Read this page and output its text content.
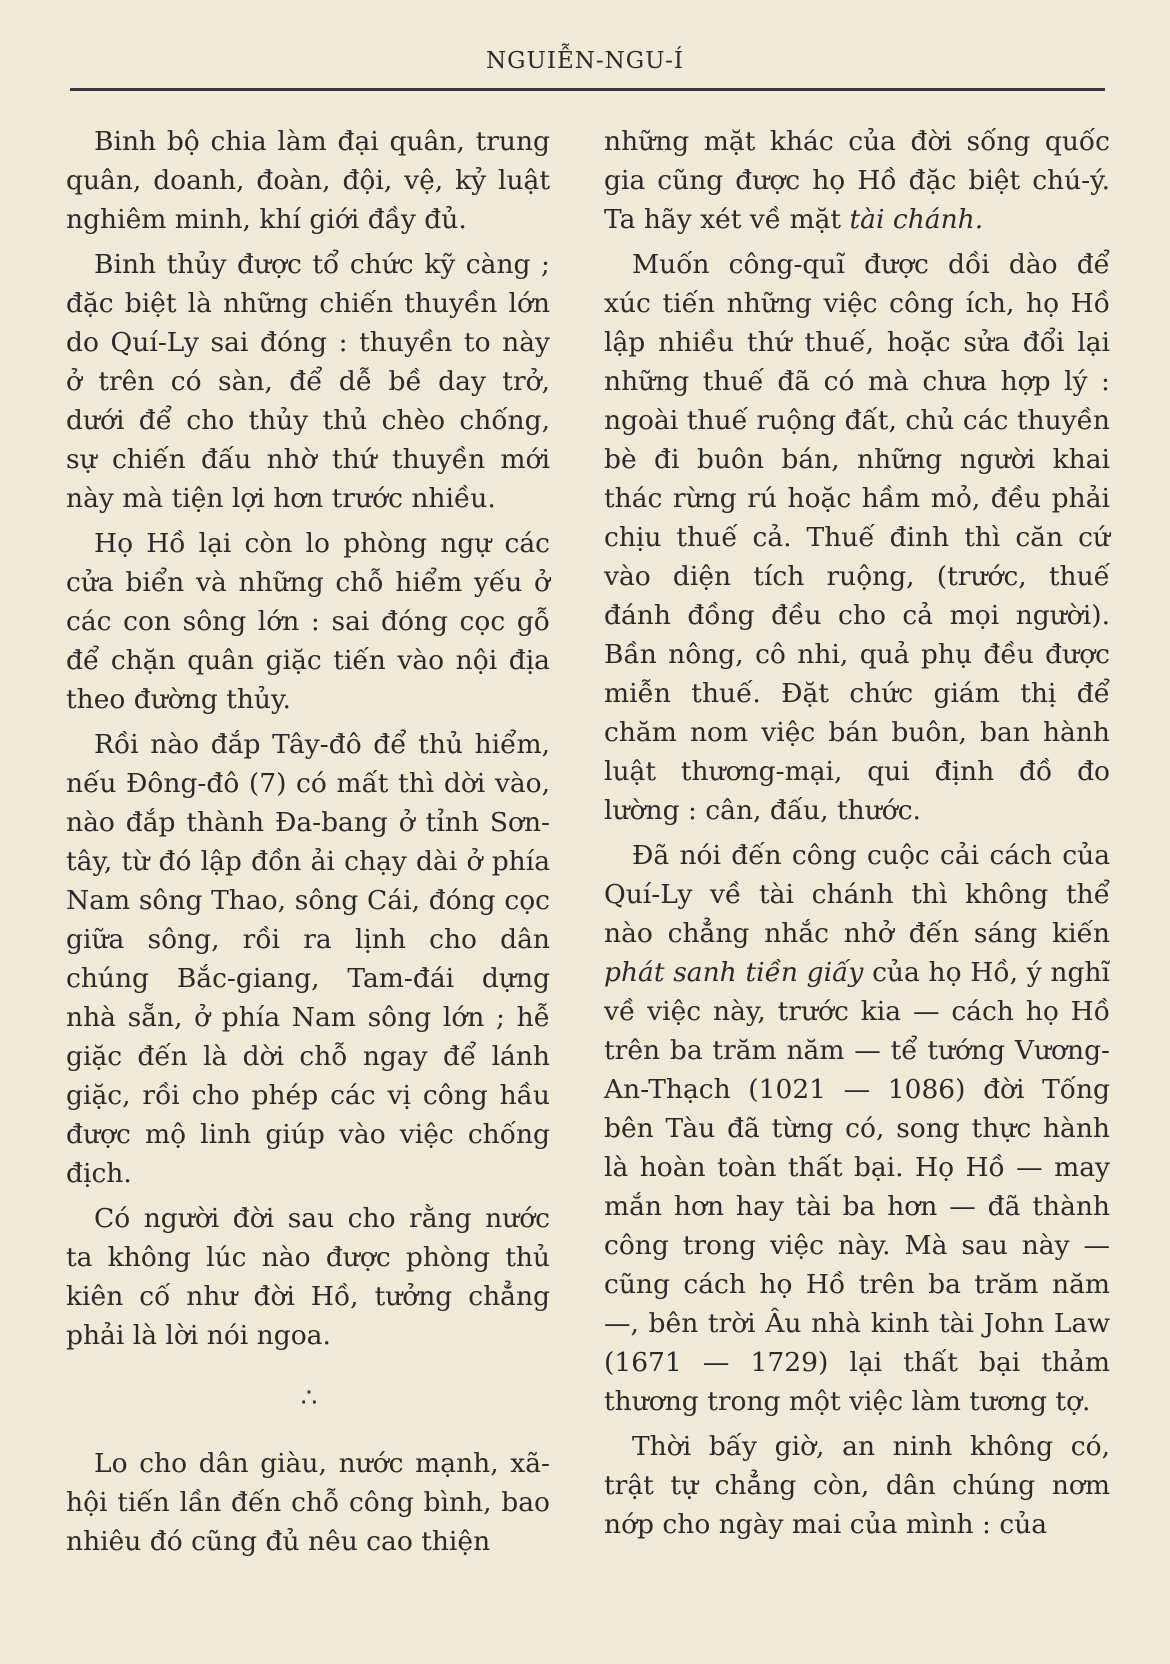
NGUIỄN-NGU-Í

Binh bộ chia làm đại quân, trung quân, doanh, đoàn, đội, vệ, kỷ luật nghiêm minh, khí giới đầy đủ.

Binh thủy được tổ chức kỹ càng ; đặc biệt là những chiến thuyền lớn do Quí-Ly sai đóng : thuyền to này ở trên có sàn, để dễ bề day trở, dưới để cho thủy thủ chèo chống, sự chiến đấu nhờ thứ thuyền mới này mà tiện lợi hơn trước nhiều.

Họ Hồ lại còn lo phòng ngự các cửa biển và những chỗ hiểm yếu ở các con sông lớn : sai đóng cọc gỗ để chặn quân giặc tiến vào nội địa theo đường thủy.

Rồi nào đắp Tây-đô để thủ hiểm, nếu Đông-đô (7) có mất thì dời vào, nào đắp thành Đa-bang ở tỉnh Sơn-tây, từ đó lập đồn ải chạy dài ở phía Nam sông Thao, sông Cái, đóng cọc giữa sông, rồi ra lịnh cho dân chúng Bắc-giang, Tam-đái dựng nhà sẵn, ở phía Nam sông lớn ; hễ giặc đến là dời chỗ ngay để lánh giặc, rồi cho phép các vị công hầu được mộ linh giúp vào việc chống địch.

Có người đời sau cho rằng nước ta không lúc nào được phòng thủ kiên cố như đời Hồ, tưởng chẳng phải là lời nói ngoa.

∴

Lo cho dân giàu, nước mạnh, xã-hội tiến lần đến chỗ công bình, bao nhiêu đó cũng đủ nêu cao thiện

những mặt khác của đời sống quốc gia cũng được họ Hồ đặc biệt chú-ý. Ta hãy xét về mặt tài chánh.

Muốn công-quĩ được dồi dào để xúc tiến những việc công ích, họ Hồ lập nhiều thứ thuế, hoặc sửa đổi lại những thuế đã có mà chưa hợp lý : ngoài thuế ruộng đất, chủ các thuyền bè đi buôn bán, những người khai thác rừng rú hoặc hầm mỏ, đều phải chịu thuế cả. Thuế đinh thì căn cứ vào diện tích ruộng, (trước, thuế đánh đồng đều cho cả mọi người). Bần nông, cô nhi, quả phụ đều được miễn thuế. Đặt chức giám thị để chăm nom việc bán buôn, ban hành luật thương-mại, qui định đồ đo lường : cân, đấu, thước.

Đã nói đến công cuộc cải cách của Quí-Ly về tài chánh thì không thể nào chẳng nhắc nhở đến sáng kiến phát sanh tiền giấy của họ Hồ, ý nghĩ về việc này, trước kia — cách họ Hồ trên ba trăm năm — tể tướng Vương-An-Thạch (1021 — 1086) đời Tống bên Tàu đã từng có, song thực hành là hoàn toàn thất bại. Họ Hồ — may mắn hơn hay tài ba hơn — đã thành công trong việc này. Mà sau này — cũng cách họ Hồ trên ba trăm năm —, bên trời Âu nhà kinh tài John Law (1671 — 1729) lại thất bại thảm thương trong một việc làm tương tợ.

Thời bấy giờ, an ninh không có, trật tự chẳng còn, dân chúng nơm nớp cho ngày mai của mình : của
